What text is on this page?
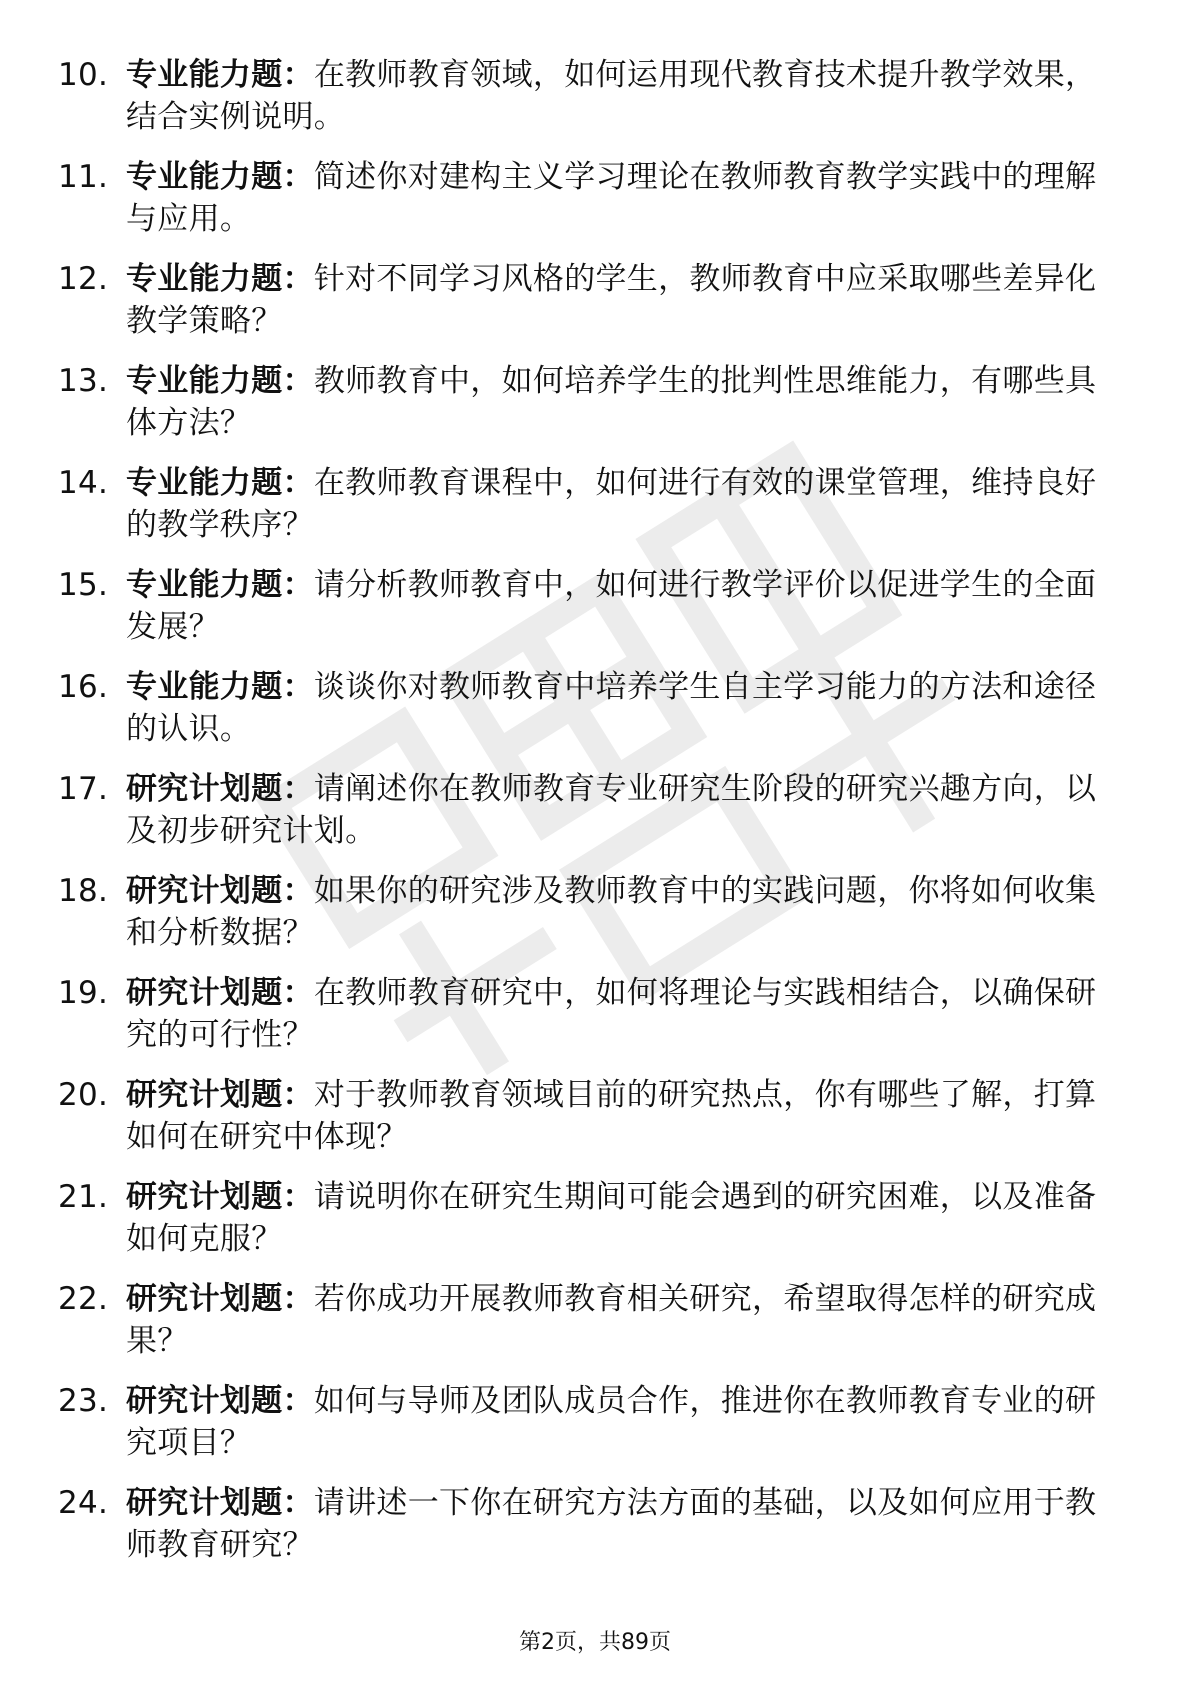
10. 专业能力题：在教师教育领域，如何运用现代教育技术提升教学效果，结合实例说明。
11. 专业能力题：简述你对建构主义学习理论在教师教育教学实践中的理解与应用。
12. 专业能力题：针对不同学习风格的学生，教师教育中应采取哪些差异化教学策略？
13. 专业能力题：教师教育中，如何培养学生的批判性思维能力，有哪些具体方法？
14. 专业能力题：在教师教育课程中，如何进行有效的课堂管理，维持良好的教学秩序？
15. 专业能力题：请分析教师教育中，如何进行教学评价以促进学生的全面发展？
16. 专业能力题：谈谈你对教师教育中培养学生自主学习能力的方法和途径的认识。
17. 研究计划题：请阐述你在教师教育专业研究生阶段的研究兴趣方向，以及初步研究计划。
18. 研究计划题：如果你的研究涉及教师教育中的实践问题，你将如何收集和分析数据？
19. 研究计划题：在教师教育研究中，如何将理论与实践相结合，以确保研究的可行性？
20. 研究计划题：对于教师教育领域目前的研究热点，你有哪些了解，打算如何在研究中体现？
21. 研究计划题：请说明你在研究生期间可能会遇到的研究困难，以及准备如何克服？
22. 研究计划题：若你成功开展教师教育相关研究，希望取得怎样的研究成果？
23. 研究计划题：如何与导师及团队成员合作，推进你在教师教育专业的研究项目？
24. 研究计划题：请讲述一下你在研究方法方面的基础，以及如何应用于教师教育研究？
第2页，共89页
